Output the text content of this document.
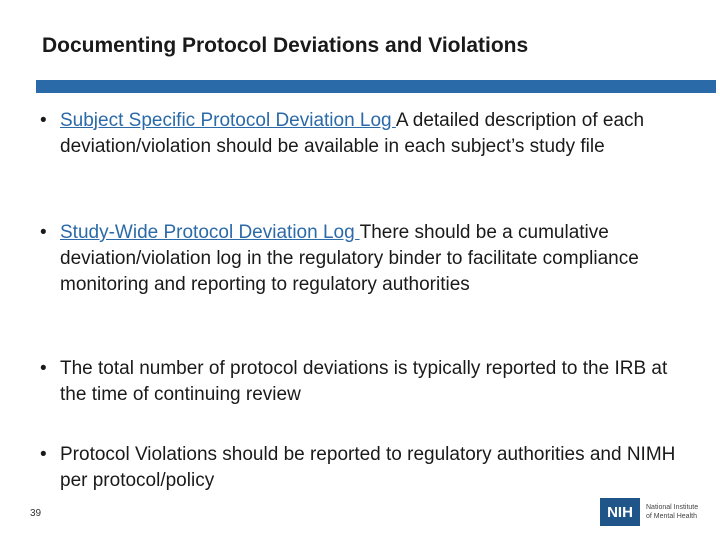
Documenting Protocol Deviations and Violations
• Subject Specific Protocol Deviation Log A detailed description of each deviation/violation should be available in each subject’s study file
• Study-Wide Protocol Deviation Log There should be a cumulative deviation/violation log in the regulatory binder to facilitate compliance monitoring and reporting to regulatory authorities
• The total number of protocol deviations is typically reported to the IRB at the time of continuing review
• Protocol Violations should be reported to regulatory authorities and NIMH per protocol/policy
39	NIH	National Institute
of Mental Health
